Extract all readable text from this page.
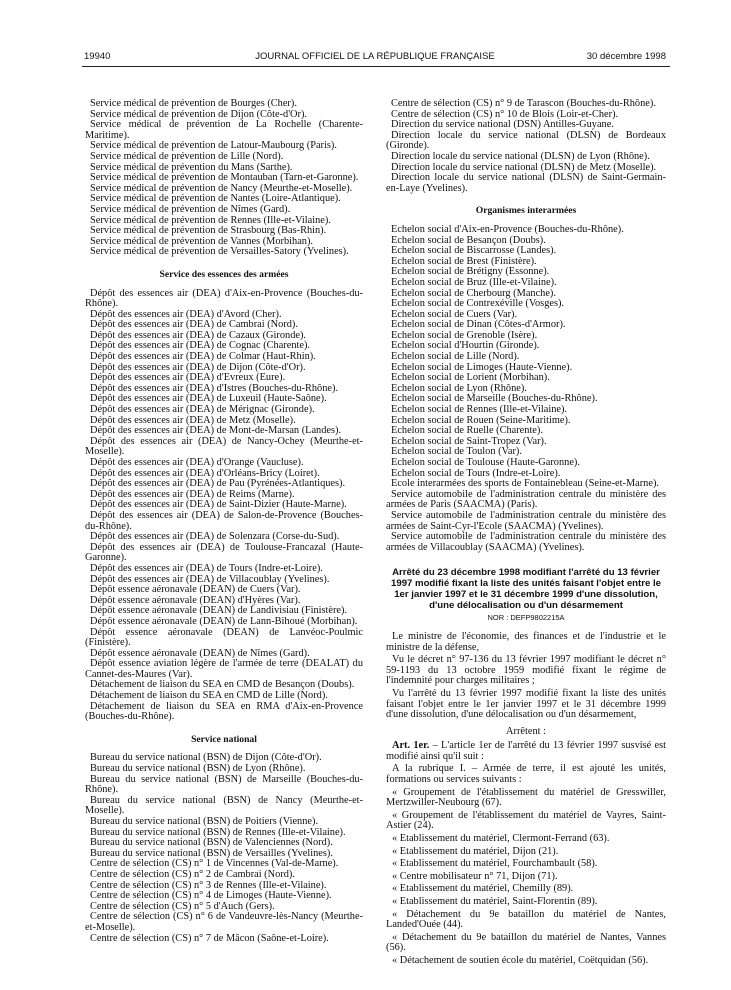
19940	JOURNAL OFFICIEL DE LA RÉPUBLIQUE FRANÇAISE	30 décembre 1998

Service médical de prévention de Bourges (Cher).

Service médical de prévention de Dijon (Côte-d'Or).

Service médical de prévention de La Rochelle (Charente-Maritime).

Service médical de prévention de Latour-Maubourg (Paris).

Service médical de prévention de Lille (Nord).

Service médical de prévention du Mans (Sarthe).

Service médical de prévention de Montauban (Tarn-et-Garonne).

Service médical de prévention de Nancy (Meurthe-et-Moselle).

Service médical de prévention de Nantes (Loire-Atlantique).

Service médical de prévention de Nîmes (Gard).

Service médical de prévention de Rennes (Ille-et-Vilaine).

Service médical de prévention de Strasbourg (Bas-Rhin).

Service médical de prévention de Vannes (Morbihan).

Service médical de prévention de Versailles-Satory (Yvelines).

Service des essences des armées

Dépôt des essences air (DEA) d'Aix-en-Provence (Bouches-du-Rhône).

Dépôt des essences air (DEA) d'Avord (Cher).

Dépôt des essences air (DEA) de Cambrai (Nord).

Dépôt des essences air (DEA) de Cazaux (Gironde).

Dépôt des essences air (DEA) de Cognac (Charente).

Dépôt des essences air (DEA) de Colmar (Haut-Rhin).

Dépôt des essences air (DEA) de Dijon (Côte-d'Or).

Dépôt des essences air (DEA) d'Evreux (Eure).

Dépôt des essences air (DEA) d'Istres (Bouches-du-Rhône).

Dépôt des essences air (DEA) de Luxeuil (Haute-Saône).

Dépôt des essences air (DEA) de Mérignac (Gironde).

Dépôt des essences air (DEA) de Metz (Moselle).

Dépôt des essences air (DEA) de Mont-de-Marsan (Landes).

Dépôt des essences air (DEA) de Nancy-Ochey (Meurthe-et-Moselle).

Dépôt des essences air (DEA) d'Orange (Vaucluse).

Dépôt des essences air (DEA) d'Orléans-Bricy (Loiret).

Dépôt des essences air (DEA) de Pau (Pyrénées-Atlantiques).

Dépôt des essences air (DEA) de Reims (Marne).

Dépôt des essences air (DEA) de Saint-Dizier (Haute-Marne).

Dépôt des essences air (DEA) de Salon-de-Provence (Bouches-du-Rhône).

Dépôt des essences air (DEA) de Solenzara (Corse-du-Sud).

Dépôt des essences air (DEA) de Toulouse-Francazal (Haute-Garonne).

Dépôt des essences air (DEA) de Tours (Indre-et-Loire).

Dépôt des essences air (DEA) de Villacoublay (Yvelines).

Dépôt essence aéronavale (DEAN) de Cuers (Var).

Dépôt essence aéronavale (DEAN) d'Hyères (Var).

Dépôt essence aéronavale (DEAN) de Landivisiau (Finistère).

Dépôt essence aéronavale (DEAN) de Lann-Bihoué (Morbihan).

Dépôt essence aéronavale (DEAN) de Lanvéoc-Poulmic (Finistère).

Dépôt essence aéronavale (DEAN) de Nîmes (Gard).

Dépôt essence aviation légère de l'armée de terre (DEALAT) du Cannet-des-Maures (Var).

Détachement de liaison du SEA en CMD de Besançon (Doubs).

Détachement de liaison du SEA en CMD de Lille (Nord).

Détachement de liaison du SEA en RMA d'Aix-en-Provence (Bouches-du-Rhône).

Service national

Bureau du service national (BSN) de Dijon (Côte-d'Or).

Bureau du service national (BSN) de Lyon (Rhône).

Bureau du service national (BSN) de Marseille (Bouches-du-Rhône).

Bureau du service national (BSN) de Nancy (Meurthe-et-Moselle).

Bureau du service national (BSN) de Poitiers (Vienne).

Bureau du service national (BSN) de Rennes (Ille-et-Vilaine).

Bureau du service national (BSN) de Valenciennes (Nord).

Bureau du service national (BSN) de Versailles (Yvelines).

Centre de sélection (CS) n° 1 de Vincennes (Val-de-Marne).

Centre de sélection (CS) n° 2 de Cambrai (Nord).

Centre de sélection (CS) n° 3 de Rennes (Ille-et-Vilaine).

Centre de sélection (CS) n° 4 de Limoges (Haute-Vienne).

Centre de sélection (CS) n° 5 d'Auch (Gers).

Centre de sélection (CS) n° 6 de Vandeuvre-lès-Nancy (Meurthe-et-Moselle).

Centre de sélection (CS) n° 7 de Mâcon (Saône-et-Loire).

Centre de sélection (CS) n° 9 de Tarascon (Bouches-du-Rhône).

Centre de sélection (CS) n° 10 de Blois (Loir-et-Cher).

Direction du service national (DSN) Antilles-Guyane.

Direction locale du service national (DLSN) de Bordeaux (Gironde).

Direction locale du service national (DLSN) de Lyon (Rhône).

Direction locale du service national (DLSN) de Metz (Moselle).

Direction locale du service national (DLSN) de Saint-Germain-en-Laye (Yvelines).

Organismes interarmées

Echelon social d'Aix-en-Provence (Bouches-du-Rhône).

Echelon social de Besançon (Doubs).

Echelon social de Biscarrosse (Landes).

Echelon social de Brest (Finistère).

Echelon social de Brétigny (Essonne).

Echelon social de Bruz (Ille-et-Vilaine).

Echelon social de Cherbourg (Manche).

Echelon social de Contrexéville (Vosges).

Echelon social de Cuers (Var).

Echelon social de Dinan (Côtes-d'Armor).

Echelon social de Grenoble (Isère).

Echelon social d'Hourtin (Gironde).

Echelon social de Lille (Nord).

Echelon social de Limoges (Haute-Vienne).

Echelon social de Lorient (Morbihan).

Echelon social de Lyon (Rhône).

Echelon social de Marseille (Bouches-du-Rhône).

Echelon social de Rennes (Ille-et-Vilaine).

Echelon social de Rouen (Seine-Maritime).

Echelon social de Ruelle (Charente).

Echelon social de Saint-Tropez (Var).

Echelon social de Toulon (Var).

Echelon social de Toulouse (Haute-Garonne).

Echelon social de Tours (Indre-et-Loire).

Ecole interarmées des sports de Fontainebleau (Seine-et-Marne).

Service automobile de l'administration centrale du ministère des armées de Paris (SAACMA) (Paris).

Service automobile de l'administration centrale du ministère des armées de Saint-Cyr-l'Ecole (SAACMA) (Yvelines).

Service automobile de l'administration centrale du ministère des armées de Villacoublay (SAACMA) (Yvelines).

Arrêté du 23 décembre 1998 modifiant l'arrêté du 13 février 1997 modifié fixant la liste des unités faisant l'objet entre le 1er janvier 1997 et le 31 décembre 1999 d'une dissolution, d'une délocalisation ou d'un désarmement
NOR : DEFP9802215A

Le ministre de l'économie, des finances et de l'industrie et le ministre de la défense,

Vu le décret n° 97-136 du 13 février 1997 modifiant le décret n° 59-1193 du 13 octobre 1959 modifié fixant le régime de l'indemnité pour charges militaires ;

Vu l'arrêté du 13 février 1997 modifié fixant la liste des unités faisant l'objet entre le 1er janvier 1997 et le 31 décembre 1999 d'une dissolution, d'une délocalisation ou d'un désarmement,

Arrêtent :

Art. 1er. – L'article 1er de l'arrêté du 13 février 1997 susvisé est modifié ainsi qu'il suit :

A la rubrique I. – Armée de terre, il est ajouté les unités, formations ou services suivants :

« Groupement de l'établissement du matériel de Gresswiller, Mertzwiller-Neubourg (67).

« Groupement de l'établissement du matériel de Vayres, Saint-Astier (24).

« Etablissement du matériel, Clermont-Ferrand (63).

« Etablissement du matériel, Dijon (21).

« Etablissement du matériel, Fourchambault (58).

« Centre mobilisateur n° 71, Dijon (71).

« Etablissement du matériel, Chemilly (89).

« Etablissement du matériel, Saint-Florentin (89).

« Détachement du 9e bataillon du matériel de Nantes, Landed'Ouée (44).

« Détachement du 9e bataillon du matériel de Nantes, Vannes (56).

« Détachement de soutien école du matériel, Coëtquidan (56).
